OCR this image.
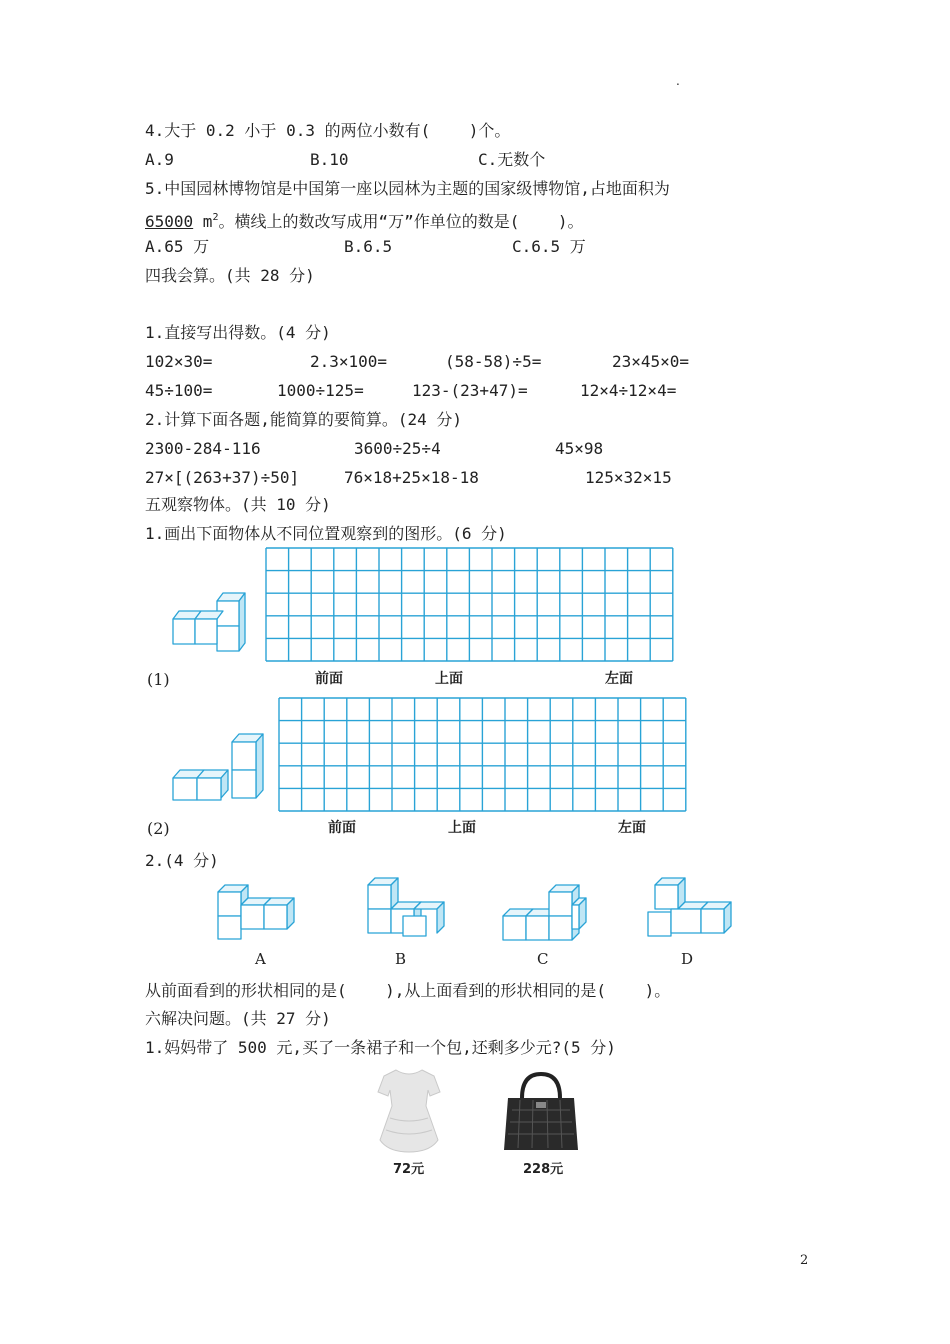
.
4.大于 0.2 小于 0.3 的两位小数有(    )个。
A.9	B.10	C.无数个
5.中国园林博物馆是中国第一座以园林为主题的国家级博物馆,占地面积为
65000 $m^2$。横线上的数改写成用“万”作单位的数是(    )。
A.65 万	B.6.5	C.6.5 万
四我会算。(共 28 分)
1.直接写出得数。(4 分)
102×30=	2.3×100=	(58-58)÷5=	23×45×0=
45÷100=	1000÷125=	123-(23+47)=	12×4÷12×4=
2.计算下面各题,能简算的要简算。(24 分)
2300-284-116	3600÷25÷4	45×98
27×[(263+37)÷50]	76×18+25×18-18	125×32×15
五观察物体。(共 10 分)
1.画出下面物体从不同位置观察到的图形。(6 分)
(1)	前面	上面	左面
(2)	前面	上面	左面
2.(4 分)
A	B	C	D
从前面看到的形状相同的是(    ),从上面看到的形状相同的是(    )。
六解决问题。(共 27 分)
1.妈妈带了 500 元,买了一条裙子和一个包,还剩多少元?(5 分)
72元	228元
2
